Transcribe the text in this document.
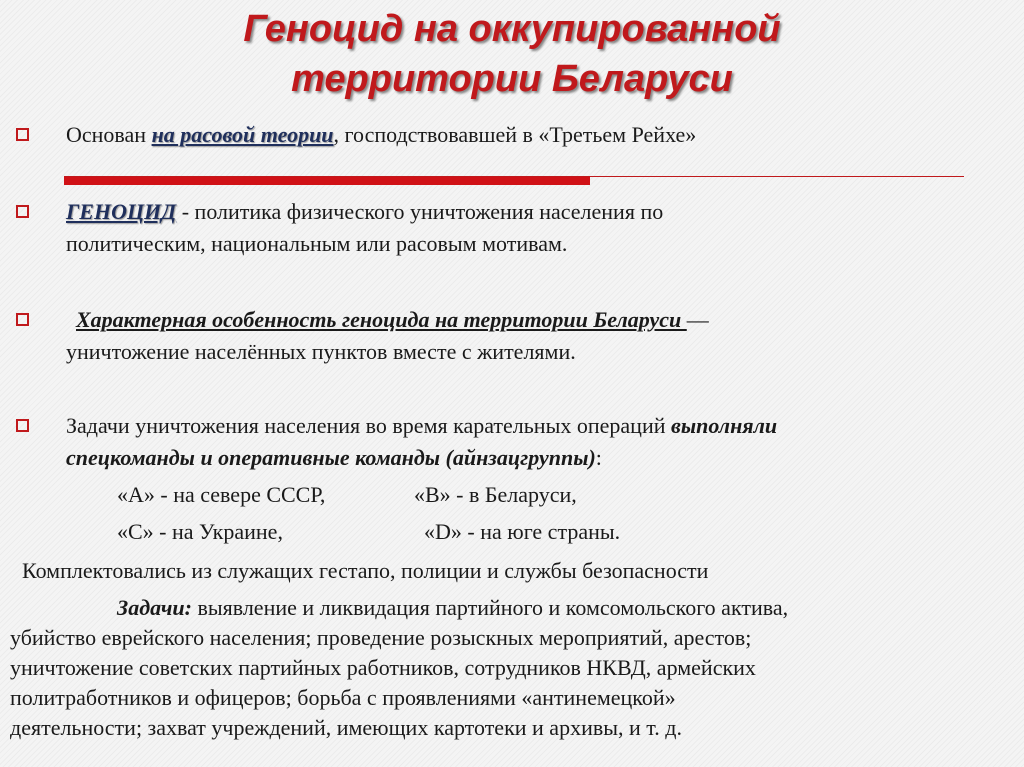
Геноцид на оккупированной
территории Беларуси
Основан на расовой теории, господствовавшей в «Третьем Рейхе»
ГЕНОЦИД - политика физического уничтожения населения по
политическим, национальным или расовым мотивам.
Характерная особенность геноцида на территории Беларуси —
уничтожение населённых пунктов вместе с жителями.
Задачи уничтожения населения во время карательных операций выполняли
спецкоманды и оперативные команды (айнзацгруппы):
«А» - на севере СССР,	«В» - в Беларуси,
«С» - на Украине,	«D» - на юге страны.
Комплектовались из служащих гестапо, полиции и службы безопасности
Задачи: выявление и ликвидация партийного и комсомольского актива,
убийство еврейского населения; проведение розыскных мероприятий, арестов;
уничтожение советских партийных работников, сотрудников НКВД, армейских
политработников и офицеров; борьба с проявлениями «антинемецкой»
деятельности; захват учреждений, имеющих картотеки и архивы, и т. д.
